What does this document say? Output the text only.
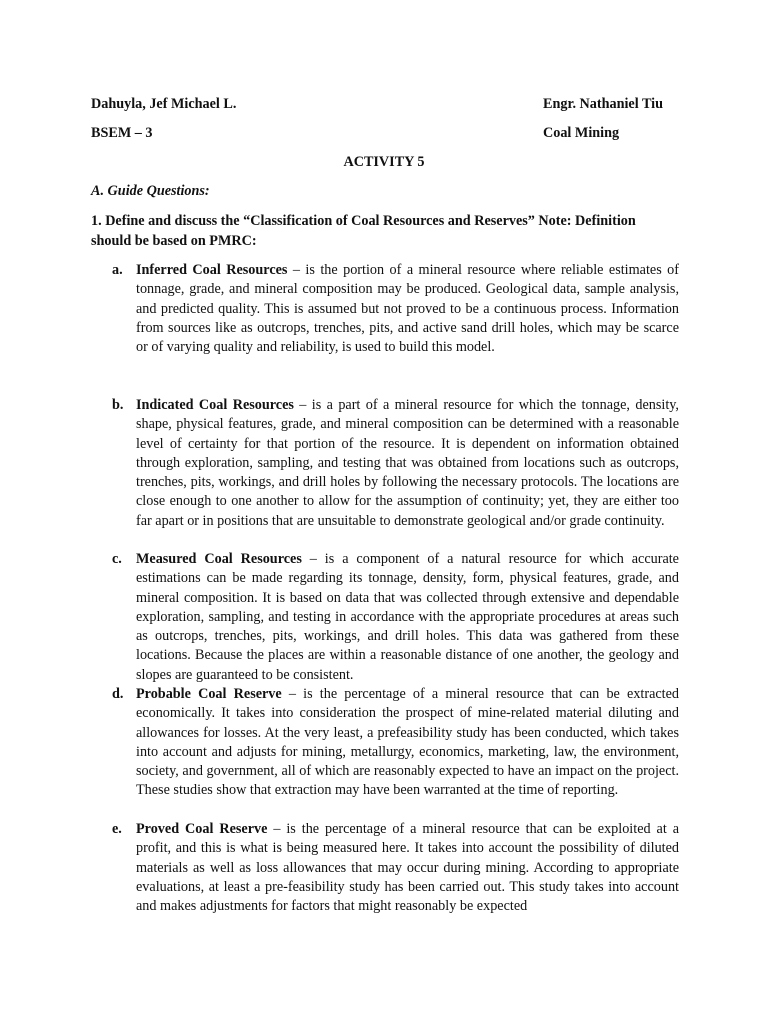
Dahuyla, Jef Michael L.	Engr. Nathaniel Tiu
BSEM – 3	Coal Mining
ACTIVITY 5
A. Guide Questions:
1. Define and discuss the “Classification of Coal Resources and Reserves” Note: Definition should be based on PMRC:
a. Inferred Coal Resources – is the portion of a mineral resource where reliable estimates of tonnage, grade, and mineral composition may be produced. Geological data, sample analysis, and predicted quality. This is assumed but not proved to be a continuous process. Information from sources like as outcrops, trenches, pits, and active sand drill holes, which may be scarce or of varying quality and reliability, is used to build this model.
b. Indicated Coal Resources – is a part of a mineral resource for which the tonnage, density, shape, physical features, grade, and mineral composition can be determined with a reasonable level of certainty for that portion of the resource. It is dependent on information obtained through exploration, sampling, and testing that was obtained from locations such as outcrops, trenches, pits, workings, and drill holes by following the necessary protocols. The locations are close enough to one another to allow for the assumption of continuity; yet, they are either too far apart or in positions that are unsuitable to demonstrate geological and/or grade continuity.
c. Measured Coal Resources – is a component of a natural resource for which accurate estimations can be made regarding its tonnage, density, form, physical features, grade, and mineral composition. It is based on data that was collected through extensive and dependable exploration, sampling, and testing in accordance with the appropriate procedures at areas such as outcrops, trenches, pits, workings, and drill holes. This data was gathered from these locations. Because the places are within a reasonable distance of one another, the geology and slopes are guaranteed to be consistent.
d. Probable Coal Reserve – is the percentage of a mineral resource that can be extracted economically. It takes into consideration the prospect of mine-related material diluting and allowances for losses. At the very least, a prefeasibility study has been conducted, which takes into account and adjusts for mining, metallurgy, economics, marketing, law, the environment, society, and government, all of which are reasonably expected to have an impact on the project. These studies show that extraction may have been warranted at the time of reporting.
e. Proved Coal Reserve – is the percentage of a mineral resource that can be exploited at a profit, and this is what is being measured here. It takes into account the possibility of diluted materials as well as loss allowances that may occur during mining. According to appropriate evaluations, at least a pre-feasibility study has been carried out. This study takes into account and makes adjustments for factors that might reasonably be expected
